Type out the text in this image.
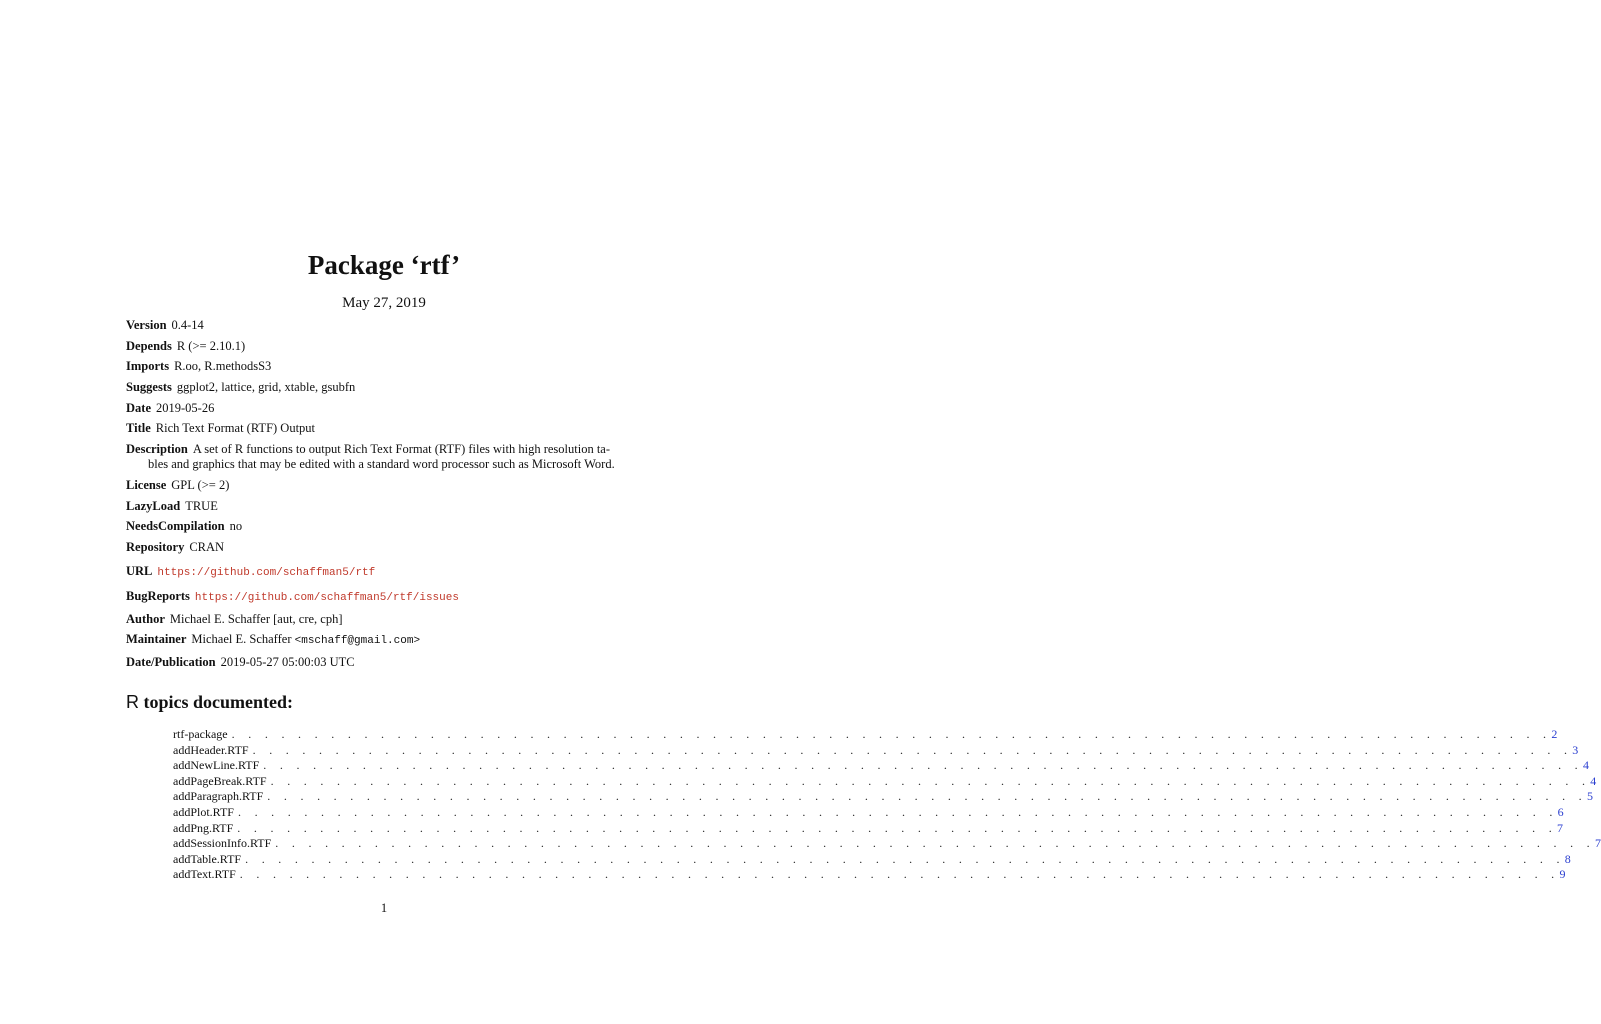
Package ‘rtf’
May 27, 2019
Version 0.4-14
Depends R (>= 2.10.1)
Imports R.oo, R.methodsS3
Suggests ggplot2, lattice, grid, xtable, gsubfn
Date 2019-05-26
Title Rich Text Format (RTF) Output
Description A set of R functions to output Rich Text Format (RTF) files with high resolution ta-
bles and graphics that may be edited with a standard word processor such as Microsoft Word.
License GPL (>= 2)
LazyLoad TRUE
NeedsCompilation no
Repository CRAN
URL https://github.com/schaffman5/rtf
BugReports https://github.com/schaffman5/rtf/issues
Author Michael E. Schaffer [aut, cre, cph]
Maintainer Michael E. Schaffer <mschaff@gmail.com>
Date/Publication 2019-05-27 05:00:03 UTC
R topics documented:
rtf-package . . . . . . . . . . . . . . . . . . . . . . . . . . . . . . . . . . . . . . . . . . . . . . . . . . . . . . . . . . . . . . . . . . . . . . . . . . . . . . . . 2
addHeader.RTF . . . . . . . . . . . . . . . . . . . . . . . . . . . . . . . . . . . . . . . . . . . . . . . . . . . . . . . . . . . . . . . . . . . . . . . . . . . . . . . . 3
addNewLine.RTF . . . . . . . . . . . . . . . . . . . . . . . . . . . . . . . . . . . . . . . . . . . . . . . . . . . . . . . . . . . . . . . . . . . . . . . . . . . . . . . . 4
addPageBreak.RTF . . . . . . . . . . . . . . . . . . . . . . . . . . . . . . . . . . . . . . . . . . . . . . . . . . . . . . . . . . . . . . . . . . . . . . . . . . . . . . . . 4
addParagraph.RTF . . . . . . . . . . . . . . . . . . . . . . . . . . . . . . . . . . . . . . . . . . . . . . . . . . . . . . . . . . . . . . . . . . . . . . . . . . . . . . . . 5
addPlot.RTF . . . . . . . . . . . . . . . . . . . . . . . . . . . . . . . . . . . . . . . . . . . . . . . . . . . . . . . . . . . . . . . . . . . . . . . . . . . . . . . . 6
addPng.RTF . . . . . . . . . . . . . . . . . . . . . . . . . . . . . . . . . . . . . . . . . . . . . . . . . . . . . . . . . . . . . . . . . . . . . . . . . . . . . . . . 7
addSessionInfo.RTF . . . . . . . . . . . . . . . . . . . . . . . . . . . . . . . . . . . . . . . . . . . . . . . . . . . . . . . . . . . . . . . . . . . . . . . . . . . . . . . . 7
addTable.RTF . . . . . . . . . . . . . . . . . . . . . . . . . . . . . . . . . . . . . . . . . . . . . . . . . . . . . . . . . . . . . . . . . . . . . . . . . . . . . . . . 8
addText.RTF . . . . . . . . . . . . . . . . . . . . . . . . . . . . . . . . . . . . . . . . . . . . . . . . . . . . . . . . . . . . . . . . . . . . . . . . . . . . . . . . 9
1
